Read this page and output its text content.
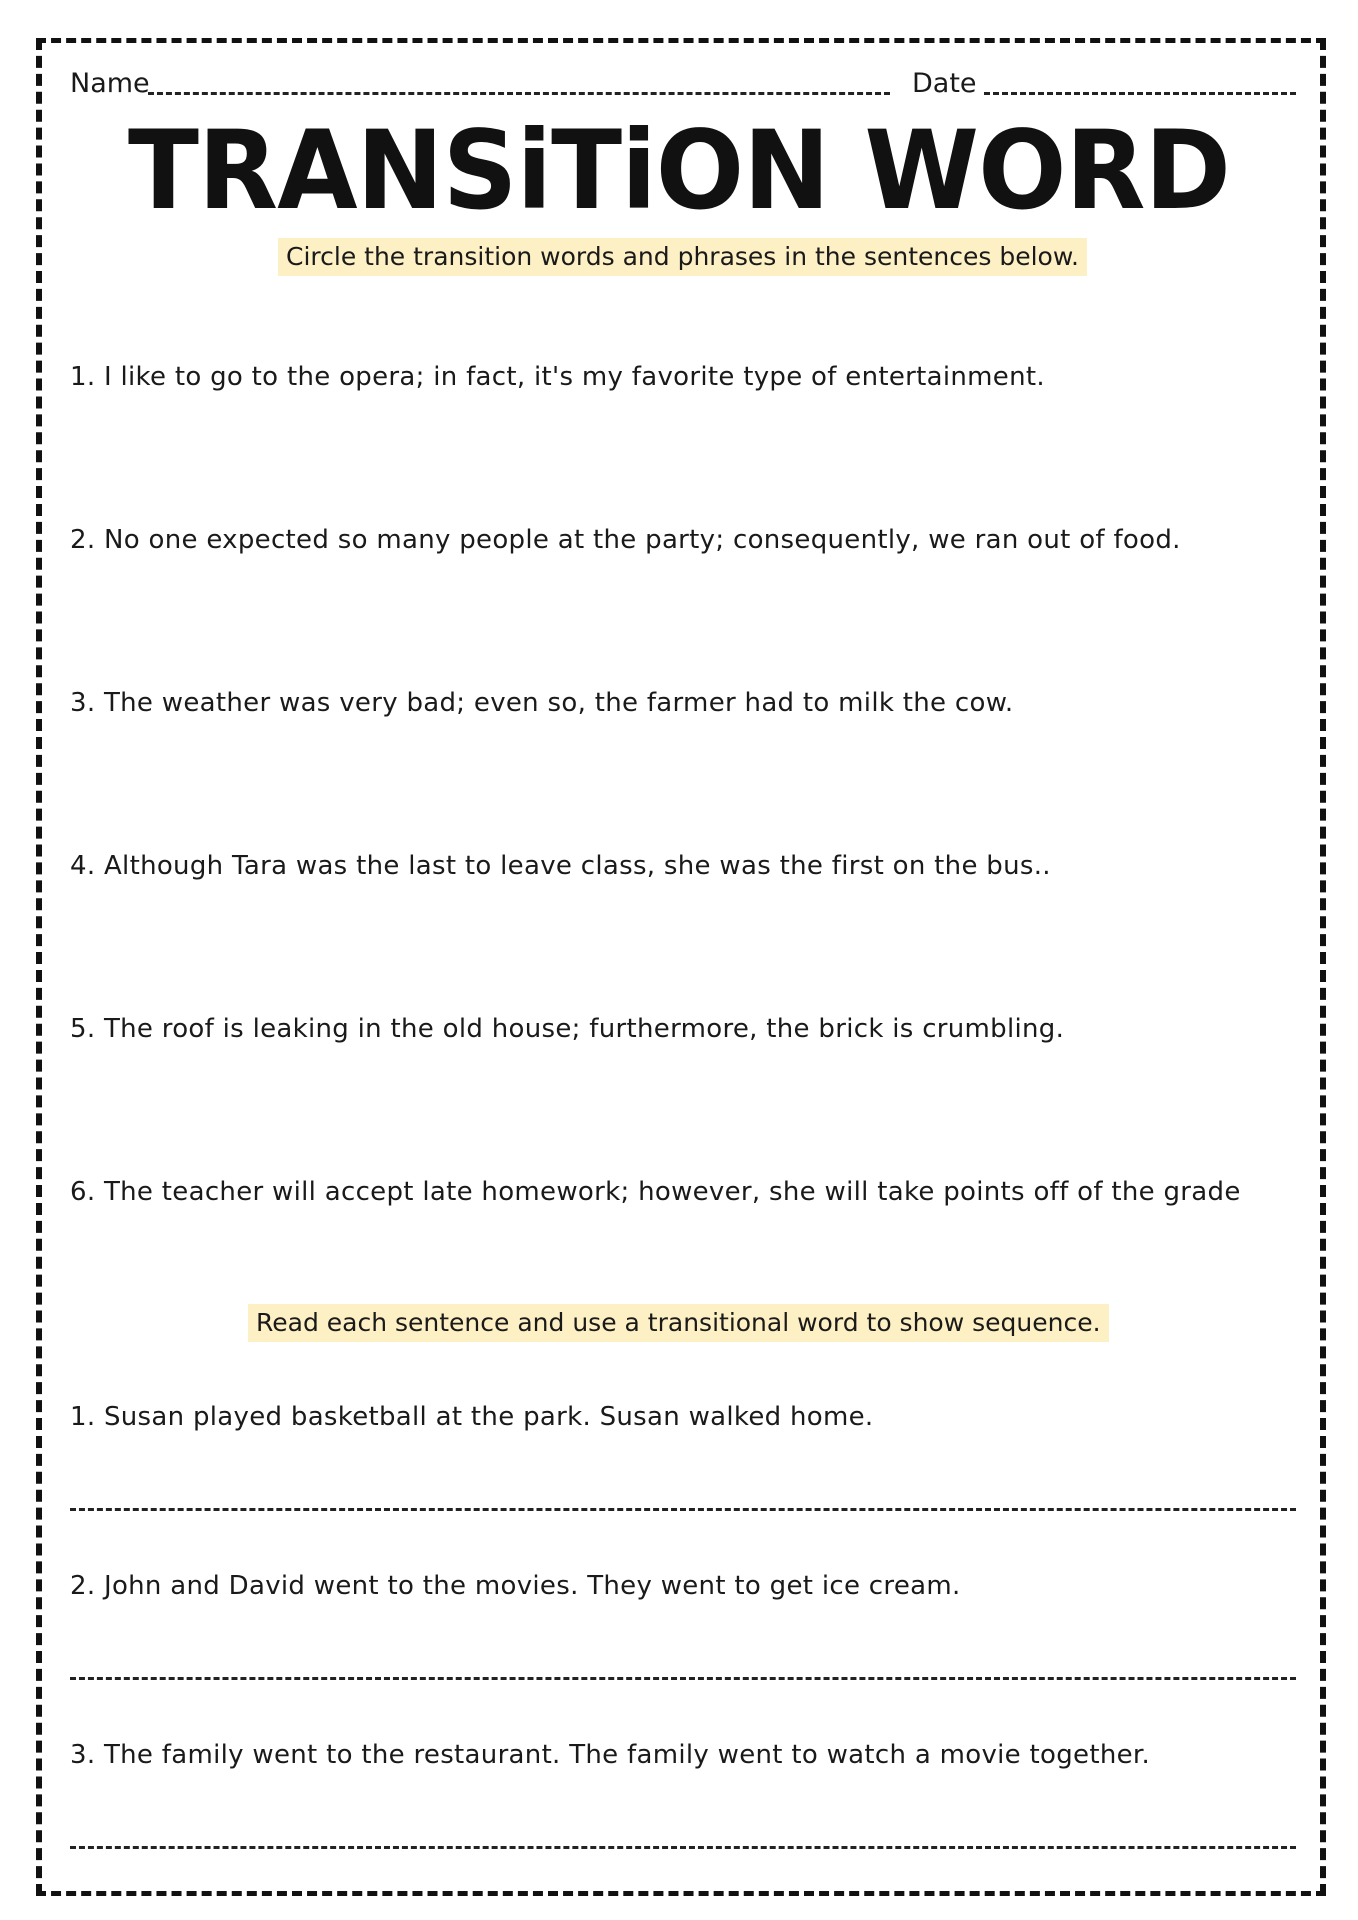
Name	Date
TRANSiTiON WORD
Circle the transition words and phrases in the sentences below.
1. I like to go to the opera; in fact, it's my favorite type of entertainment.
2. No one expected so many people at the party; consequently, we ran out of food.
3. The weather was very bad; even so, the farmer had to milk the cow.
4. Although Tara was the last to leave class, she was the first on the bus..
5. The roof is leaking in the old house; furthermore, the brick is crumbling.
6. The teacher will accept late homework; however, she will take points off of the grade
Read each sentence and use a transitional word to show sequence.
1. Susan played basketball at the park. Susan walked home.
2. John and David went to the movies. They went to get ice cream.
3. The family went to the restaurant. The family went to watch a movie together.
